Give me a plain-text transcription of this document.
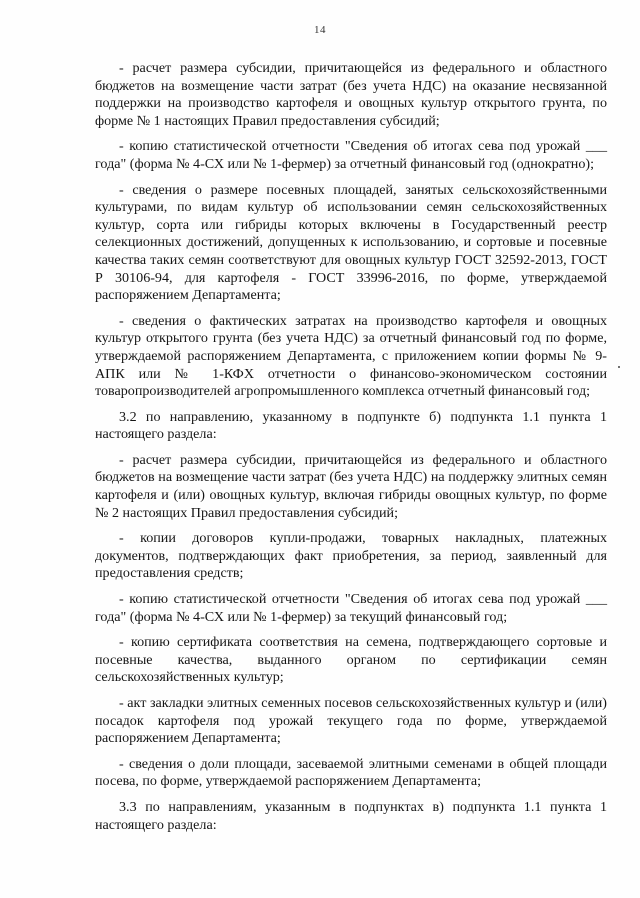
14

- расчет размера субсидии, причитающейся из федерального и областного бюджетов на возмещение части затрат (без учета НДС) на оказание несвязанной поддержки на производство картофеля и овощных культур открытого грунта, по форме № 1 настоящих Правил предоставления субсидий;

- копию статистической отчетности "Сведения об итогах сева под урожай ___ года" (форма № 4-СХ или № 1-фермер) за отчетный финансовый год (однократно);

- сведения о размере посевных площадей, занятых сельскохозяйственными культурами, по видам культур об использовании семян сельскохозяйственных культур, сорта или гибриды которых включены в Государственный реестр селекционных достижений, допущенных к использованию, и сортовые и посевные качества таких семян соответствуют для овощных культур ГОСТ 32592-2013, ГОСТ Р 30106-94, для картофеля - ГОСТ 33996-2016, по форме, утверждаемой распоряжением Департамента;

- сведения о фактических затратах на производство картофеля и овощных культур открытого грунта (без учета НДС) за отчетный финансовый год по форме, утверждаемой распоряжением Департамента, с приложением копии формы № 9-АПК или № 1-КФХ отчетности о финансово-экономическом состоянии товаропроизводителей агропромышленного комплекса отчетный финансовый год;

3.2 по направлению, указанному в подпункте б) подпункта 1.1 пункта 1 настоящего раздела:

- расчет размера субсидии, причитающейся из федерального и областного бюджетов на возмещение части затрат (без учета НДС) на поддержку элитных семян картофеля и (или) овощных культур, включая гибриды овощных культур, по форме № 2 настоящих Правил предоставления субсидий;

- копии договоров купли-продажи, товарных накладных, платежных документов, подтверждающих факт приобретения, за период, заявленный для предоставления средств;

- копию статистической отчетности "Сведения об итогах сева под урожай ___ года" (форма № 4-СХ или № 1-фермер) за текущий финансовый год;

- копию сертификата соответствия на семена, подтверждающего сортовые и посевные качества, выданного органом по сертификации семян сельскохозяйственных культур;

- акт закладки элитных семенных посевов сельскохозяйственных культур и (или) посадок картофеля под урожай текущего года по форме, утверждаемой распоряжением Департамента;

- сведения о доли площади, засеваемой элитными семенами в общей площади посева, по форме, утверждаемой распоряжением Департамента;

3.3 по направлениям, указанным в подпунктах в) подпункта 1.1 пункта 1 настоящего раздела:
